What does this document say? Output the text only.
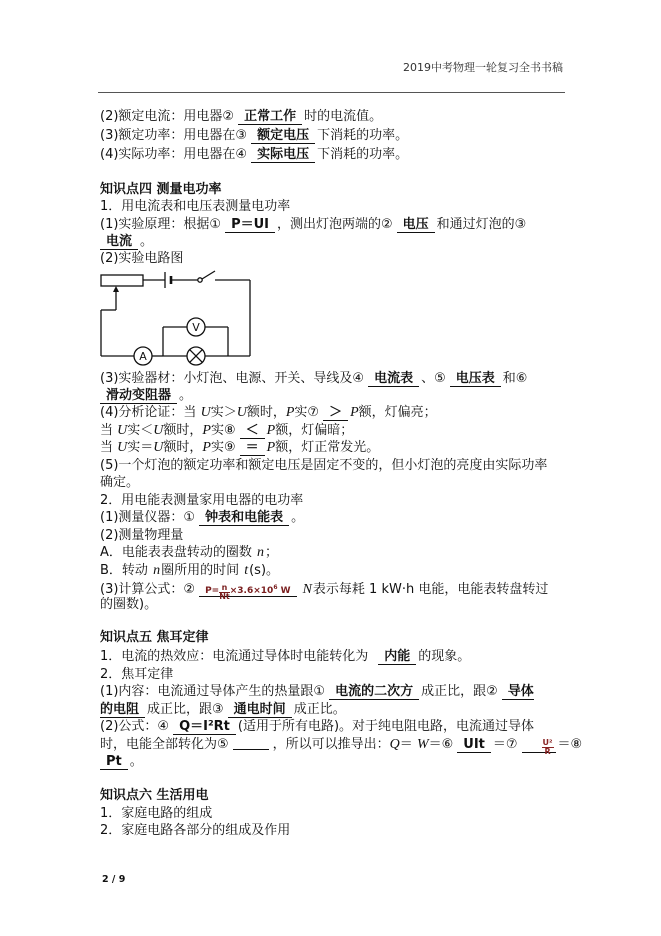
2019中考物理一轮复习全书书稿
(2)额定电流：用电器② 正常工作 时的电流值。
(3)额定功率：用电器在③ 额定电压 下消耗的功率。
(4)实际功率：用电器在④ 实际电压 下消耗的功率。
知识点四 测量电功率
1．用电流表和电压表测量电功率
(1)实验原理：根据① P＝UI ，测出灯泡两端的② 电压 和通过灯泡的③
电流 。
(2)实验电路图
V
A
(3)实验器材：小灯泡、电源、开关、导线及④ 电流表 、⑤ 电压表 和⑥
滑动变阻器 。
(4)分析论证：当 U实＞U额时，P实⑦ ＞ P额，灯偏亮；
当 U实＜U额时，P实⑧ ＜ P额，灯偏暗；
当 U实＝U额时，P实⑨ ＝ P额，灯正常发光。
(5)一个灯泡的额定功率和额定电压是固定不变的，但小灯泡的亮度由实际功率
确定。
2．用电能表测量家用电器的电功率
(1)测量仪器：① 钟表和电能表 。
(2)测量物理量
A．电能表表盘转动的圈数 n；
B．转动 n圈所用的时间 t(s)。
(3)计算公式：② $P= \frac{n}{Nt} \times 3.6\times 10^6$ W N表示每耗 1 kW·h 电能，电能表转盘转过
的圈数)。
知识点五 焦耳定律
1．电流的热效应：电流通过导体时电能转化为 内能 的现象。
2．焦耳定律
(1)内容：电流通过导体产生的热量跟① 电流的二次方 成正比，跟② 导体
的电阻 成正比，跟③ 通电时间 成正比。
(2)公式：④ Q＝I²Rt (适用于所有电路)。对于纯电阻电路，电流通过导体
时，电能全部转化为⑤	，所以可以推导出：Q＝ W＝⑥ UIt ＝⑦	$\frac{\text{U²}}{R}$ ＝⑧
Pt 。
知识点六 生活用电
1．家庭电路的组成
2．家庭电路各部分的组成及作用
2 / 9
